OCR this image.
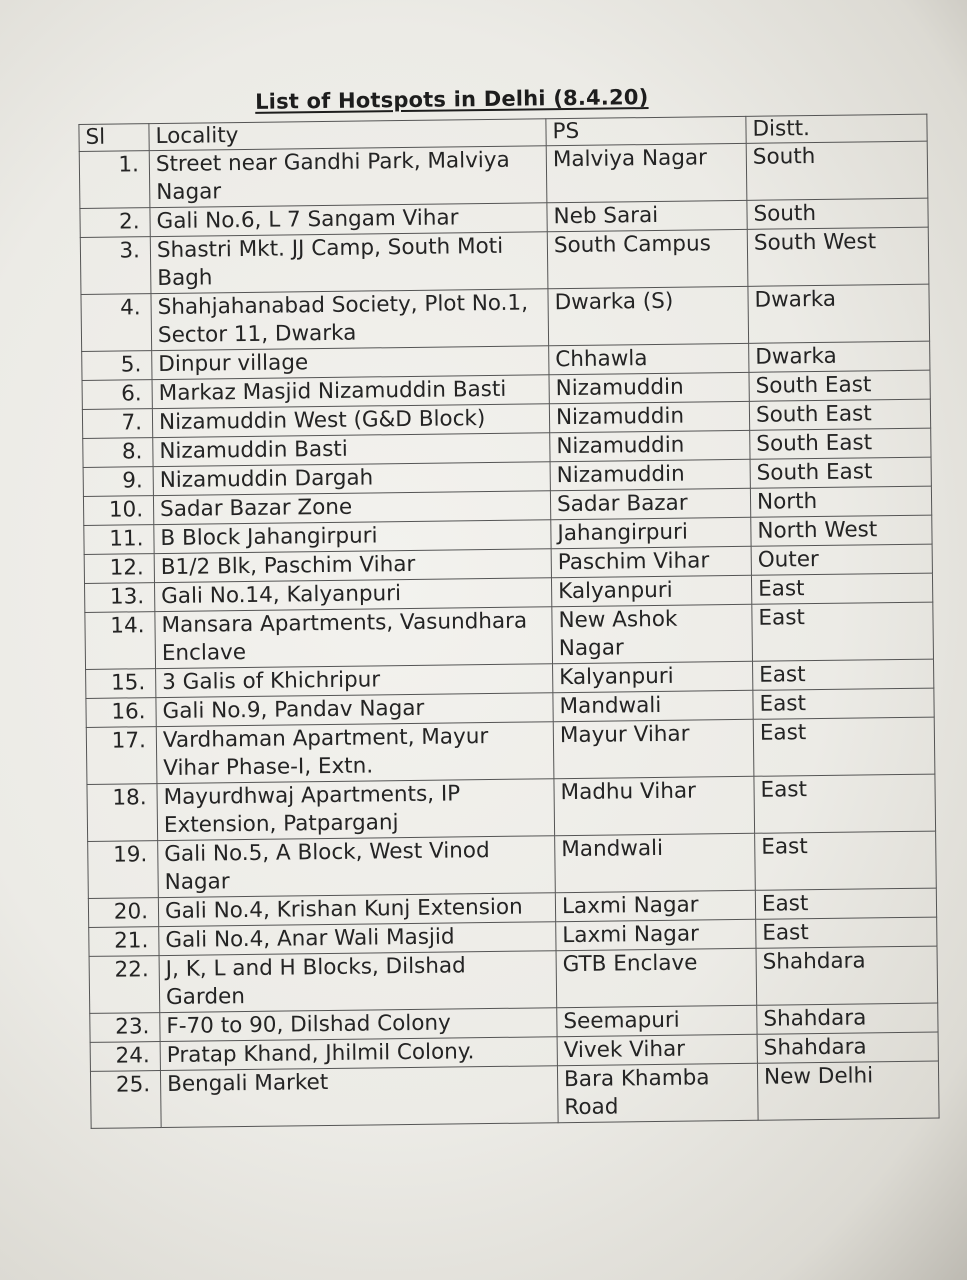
List of Hotspots in Delhi (8.4.20)
Sl	Locality	PS	Distt.
1.	Street near Gandhi Park, Malviya Nagar	Malviya Nagar	South
2.	Gali No.6, L 7 Sangam Vihar	Neb Sarai	South
3.	Shastri Mkt. JJ Camp, South Moti Bagh	South Campus	South West
4.	Shahjahanabad Society, Plot No.1, Sector 11, Dwarka	Dwarka (S)	Dwarka
5.	Dinpur village	Chhawla	Dwarka
6.	Markaz Masjid Nizamuddin Basti	Nizamuddin	South East
7.	Nizamuddin West (G&D Block)	Nizamuddin	South East
8.	Nizamuddin Basti	Nizamuddin	South East
9.	Nizamuddin Dargah	Nizamuddin	South East
10.	Sadar Bazar Zone	Sadar Bazar	North
11.	B Block Jahangirpuri	Jahangirpuri	North West
12.	B1/2 Blk, Paschim Vihar	Paschim Vihar	Outer
13.	Gali No.14, Kalyanpuri	Kalyanpuri	East
14.	Mansara Apartments, Vasundhara Enclave	New Ashok Nagar	East
15.	3 Galis of Khichripur	Kalyanpuri	East
16.	Gali No.9, Pandav Nagar	Mandwali	East
17.	Vardhaman Apartment, Mayur Vihar Phase-I, Extn.	Mayur Vihar	East
18.	Mayurdhwaj Apartments, IP Extension, Patparganj	Madhu Vihar	East
19.	Gali No.5, A Block, West Vinod Nagar	Mandwali	East
20.	Gali No.4, Krishan Kunj Extension	Laxmi Nagar	East
21.	Gali No.4, Anar Wali Masjid	Laxmi Nagar	East
22.	J, K, L and H Blocks, Dilshad Garden	GTB Enclave	Shahdara
23.	F-70 to 90, Dilshad Colony	Seemapuri	Shahdara
24.	Pratap Khand, Jhilmil Colony.	Vivek Vihar	Shahdara
25.	Bengali Market	Bara Khamba Road	New Delhi
